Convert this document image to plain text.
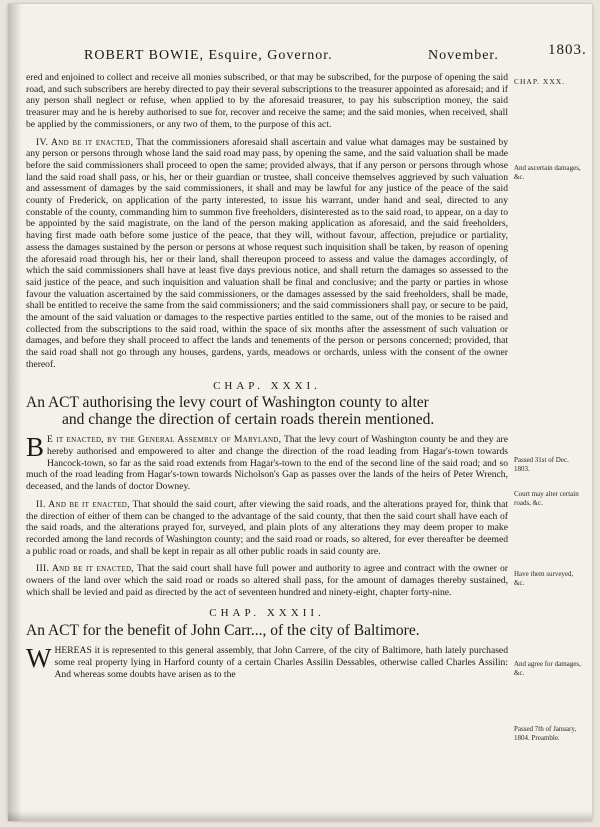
ROBERT BOWIE, Esquire, Governor.	November.	1803.
CHAP. XXX.
And ascertain damages, &c.
Passed 31st of Dec. 1803.
Court may alter certain roads, &c.
Have them surveyed, &c.
And agree for damages, &c.
Passed 7th of January, 1804. Preamble.

ered and enjoined to collect and receive all monies subscribed, or that may be subscribed, for the purpose of opening the said road, and such subscribers are hereby directed to pay their several subscriptions to the treasurer appointed as aforesaid; and if any person shall neglect or refuse, when applied to by the aforesaid treasurer, to pay his subscription money, the said treasurer may and he is hereby authorised to sue for, recover and receive the same; and the said monies, when received, shall be applied by the commissioners, or any two of them, to the purpose of this act.

IV. And be it enacted, That the commissioners aforesaid shall ascertain and value what damages may be sustained by any person or persons through whose land the said road may pass, by opening the same, and the said valuation shall be made before the said commissioners shall proceed to open the same; provided always, that if any person or persons through whose land the said road shall pass, or his, her or their guardian or trustee, shall conceive themselves aggrieved by such valuation and assessment of damages by the said commissioners, it shall and may be lawful for any justice of the peace of the said county of Frederick, on application of the party interested, to issue his warrant, under hand and seal, directed to any constable of the county, commanding him to summon five freeholders, disinterested as to the said road, to appear, on a day to be appointed by the said magistrate, on the land of the person making application as aforesaid, and the said freeholders, having first made oath before some justice of the peace, that they will, without favour, affection, prejudice or partiality, assess the damages sustained by the person or persons at whose request such inquisition shall be taken, by reason of opening the aforesaid road through his, her or their land, shall thereupon proceed to assess and value the damages accordingly, of which the said commissioners shall have at least five days previous notice, and shall return the damages so assessed to the said justice of the peace, and such inquisition and valuation shall be final and conclusive; and the party or parties in whose favour the valuation ascertained by the said commissioners, or the damages assessed by the said freeholders, shall be made, shall be entitled to receive the same from the said commissioners; and the said commissioners shall pay, or secure to be paid, the amount of the said valuation or damages to the respective parties entitled to the same, out of the monies to be raised and collected from the subscriptions to the said road, within the space of six months after the assessment of such valuation or damages, and before they shall proceed to affect the lands and tenements of the person or persons concerned; provided, that the said road shall not go through any houses, gardens, yards, meadows or orchards, unless with the consent of the owner thereof.

CHAP. XXXI.
An ACT authorising the levy court of Washington county to alter
and change the direction of certain roads therein mentioned.

B E it enacted, by the General Assembly of Maryland, That the levy court of Washington county be and they are hereby authorised and empowered to alter and change the direction of the road leading from Hagar's-town towards Hancock-town, so far as the said road extends from Hagar's-town to the end of the second line of the said road; and so much of the road leading from Hagar's-town towards Nicholson's Gap as passes over the lands of the heirs of Peter Wrench, deceased, and the lands of doctor Downey.

II. And be it enacted, That should the said court, after viewing the said roads, and the alterations prayed for, think that the direction of either of them can be changed to the advantage of the said county, that then the said court shall have each of the said roads, and the alterations prayed for, surveyed, and plain plots of any alterations they may deem proper to make recorded among the land records of Washington county; and the said road or roads, so altered, for ever thereafter be deemed a public road or roads, and shall be kept in repair as all other public roads in said county are.

III. And be it enacted, That the said court shall have full power and authority to agree and contract with the owner or owners of the land over which the said road or roads so altered shall pass, for the amount of damages thereby sustained, which shall be levied and paid as directed by the act of seventeen hundred and ninety-eight, chapter forty-nine.

CHAP. XXXII.
An ACT for the benefit of John Carr..., of the city of Baltimore.

WHEREAS it is represented to this general assembly, that John Carrere, of the city of Baltimore, hath lately purchased some real property lying in Harford county of a certain Charles Assilin Dessables, otherwise called Charles Assilin: And whereas some doubts have arisen as to the
